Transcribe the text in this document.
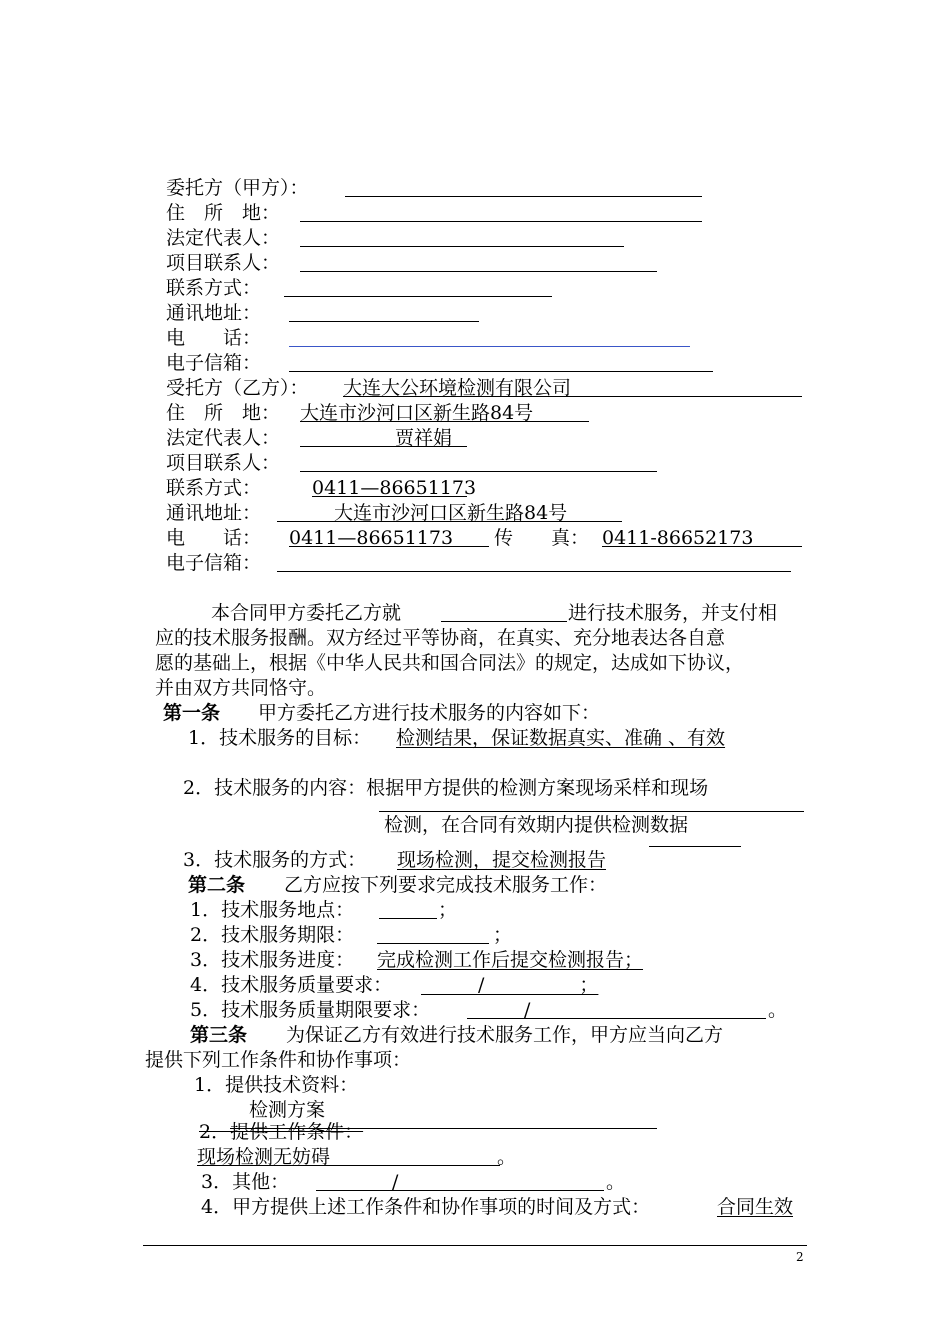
委托方（甲方）：
住　所　地：
法定代表人：
项目联系人：
联系方式：
通讯地址：
电　　话：
电子信箱：
受托方（乙方）： 大连大公环境检测有限公司
住　所　地： 大连市沙河口区新生路84号
法定代表人： 　　　　　贾祥娟
项目联系人：
联系方式：	0411—86651173
通讯地址： 　　　大连市沙河口区新生路84号
电　　话： 0411—86651173　 传　　真： 0411-86652173　
电子信箱：
本合同甲方委托乙方就	进行技术服务，并支付相
应的技术服务报酬。双方经过平等协商，在真实、充分地表达各自意
愿的基础上，根据《中华人民共和国合同法》的规定，达成如下协议，
并由双方共同恪守。
第一条 甲方委托乙方进行技术服务的内容如下：
1．技术服务的目标： 检测结果，保证数据真实、准确 、有效
2．技术服务的内容：根据甲方提供的检测方案现场采样和现场
检测，在合同有效期内提供检测数据
3．技术服务的方式： 现场检测，提交检测报告
第二条 乙方应按下列要求完成技术服务工作：
1．技术服务地点：	；
2．技术服务期限：	；
3．技术服务进度： 完成检测工作后提交检测报告；
4．技术服务质量要求： 　　　/　　　　　；
5．技术服务质量期限要求： 　　　/	。
第三条 为保证乙方有效进行技术服务工作，甲方应当向乙方
提供下列工作条件和协作事项：
1．提供技术资料：
检测方案
2．提供工作条件：
现场检测无妨碍 　　　　　　　　。
3．其他： 　　　　/	。
4．甲方提供上述工作条件和协作事项的时间及方式：	合同生效
2
